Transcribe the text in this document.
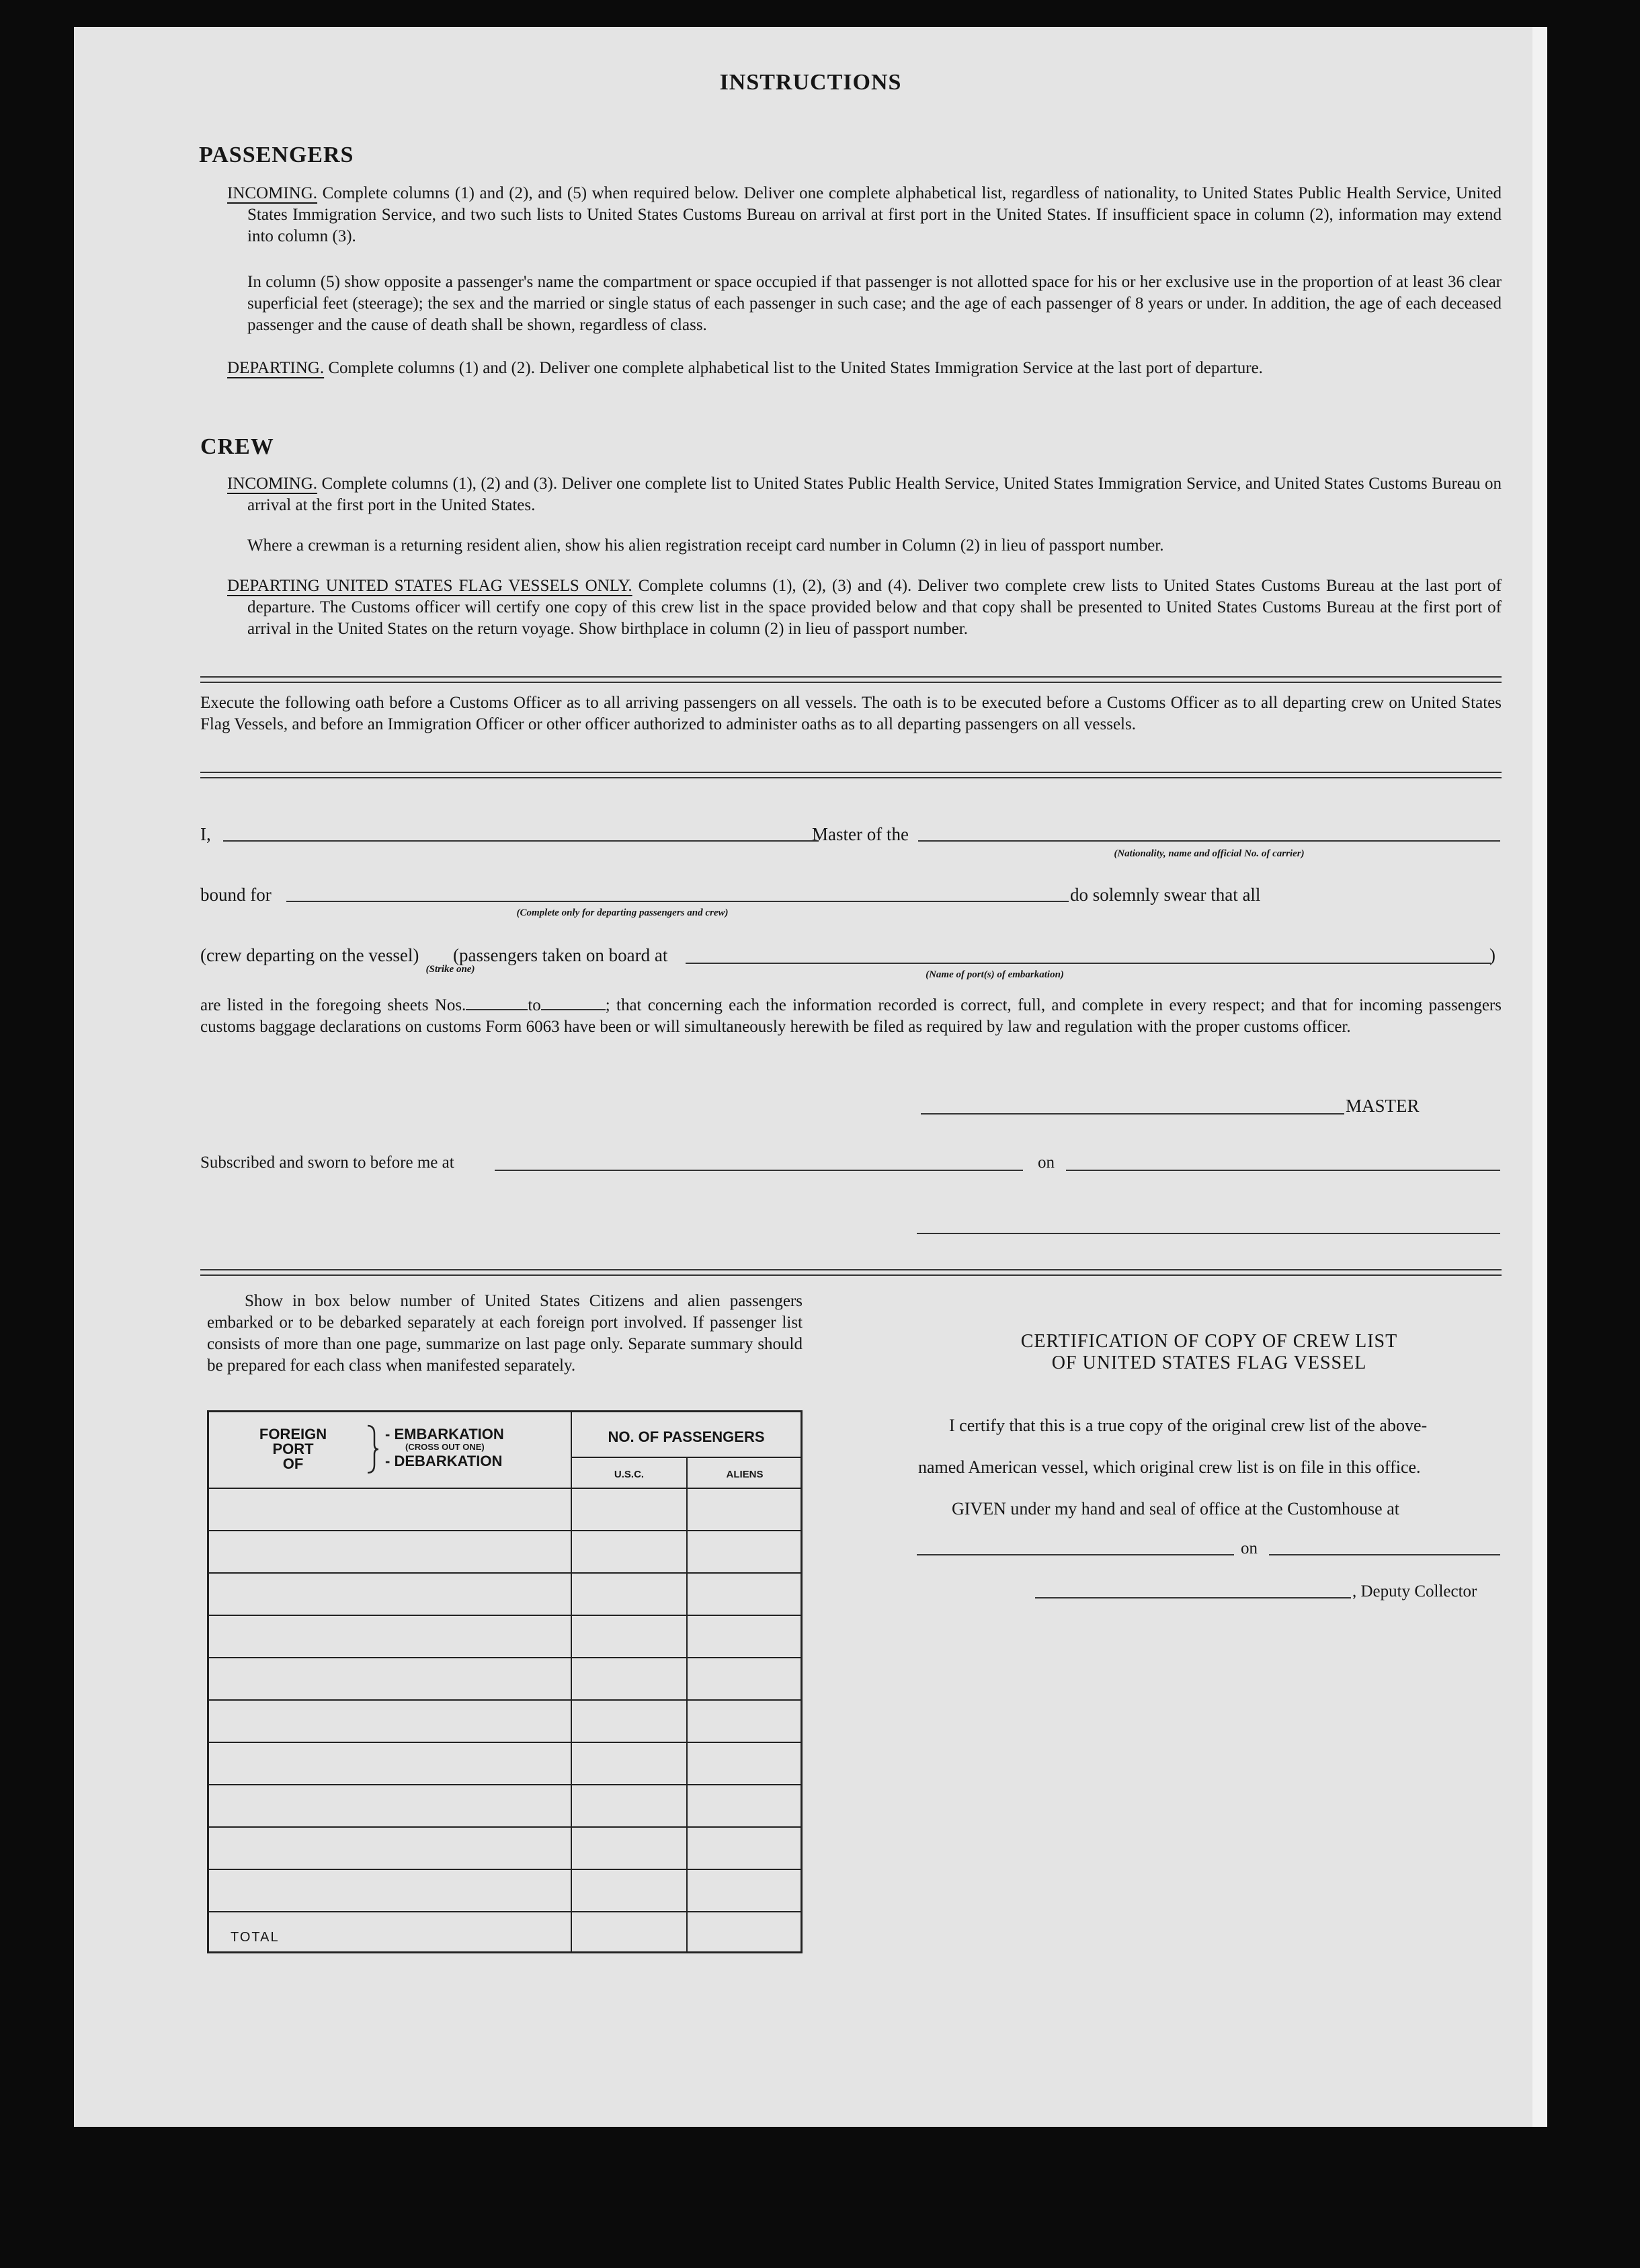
INSTRUCTIONS
PASSENGERS
INCOMING. Complete columns (1) and (2), and (5) when required below. Deliver one complete alphabetical list, regardless of nationality, to United States Public Health Service, United States Immigration Service, and two such lists to United States Customs Bureau on arrival at first port in the United States. If insufficient space in column (2), information may extend into column (3).
In column (5) show opposite a passenger's name the compartment or space occupied if that passenger is not allotted space for his or her exclusive use in the proportion of at least 36 clear superficial feet (steerage); the sex and the married or single status of each passenger in such case; and the age of each passenger of 8 years or under. In addition, the age of each deceased passenger and the cause of death shall be shown, regardless of class.
DEPARTING. Complete columns (1) and (2). Deliver one complete alphabetical list to the United States Immigration Service at the last port of departure.
CREW
INCOMING. Complete columns (1), (2) and (3). Deliver one complete list to United States Public Health Service, United States Immigration Service, and United States Customs Bureau on arrival at the first port in the United States.
Where a crewman is a returning resident alien, show his alien registration receipt card number in Column (2) in lieu of passport number.
DEPARTING UNITED STATES FLAG VESSELS ONLY. Complete columns (1), (2), (3) and (4). Deliver two complete crew lists to United States Customs Bureau at the last port of departure. The Customs officer will certify one copy of this crew list in the space provided below and that copy shall be presented to United States Customs Bureau at the first port of arrival in the United States on the return voyage. Show birthplace in column (2) in lieu of passport number.
Execute the following oath before a Customs Officer as to all arriving passengers on all vessels. The oath is to be executed before a Customs Officer as to all departing crew on United States Flag Vessels, and before an Immigration Officer or other officer authorized to administer oaths as to all departing passengers on all vessels.
I,	Master of the
(Nationality, name and official No. of carrier)
bound for
(Complete only for departing passengers and crew)
do solemnly swear that all
(crew departing on the vessel)
(Strike one)
(passengers taken on board at
(Name of port(s) of embarkation)
)
are listed in the foregoing sheets Nos.	to	; that concerning each the information recorded is correct, full, and complete in every respect; and that for incoming passengers customs baggage declarations on customs Form 6063 have been or will simultaneously herewith be filed as required by law and regulation with the proper customs officer.
MASTER
Subscribed and sworn to before me at	on
Show in box below number of United States Citizens and alien passengers embarked or to be debarked separately at each foreign port involved. If passenger list consists of more than one page, summarize on last page only. Separate summary should be prepared for each class when manifested separately.
FOREIGN
PORT
OF
- EMBARKATION
(CROSS OUT ONE)
- DEBARKATION
NO. OF PASSENGERS
U.S.C.	ALIENS
TOTAL
CERTIFICATION OF COPY OF CREW LIST
OF UNITED STATES FLAG VESSEL
I certify that this is a true copy of the original crew list of the above-
named American vessel, which original crew list is on file in this office.
GIVEN under my hand and seal of office at the Customhouse at
on
, Deputy Collector
